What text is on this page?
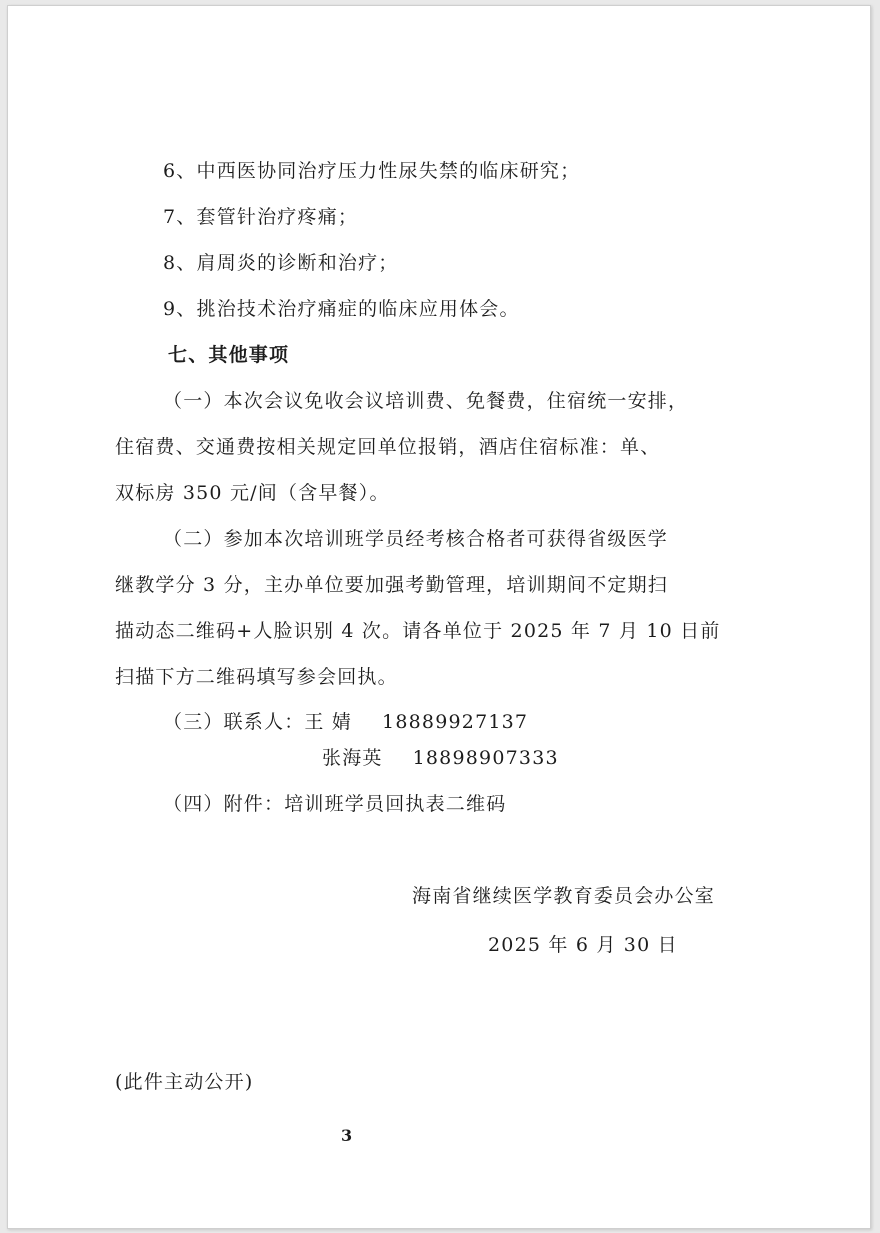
6、中西医协同治疗压力性尿失禁的临床研究；
7、套管针治疗疼痛；
8、肩周炎的诊断和治疗；
9、挑治技术治疗痛症的临床应用体会。
七、其他事项
（一）本次会议免收会议培训费、免餐费，住宿统一安排，
住宿费、交通费按相关规定回单位报销，酒店住宿标准：单、
双标房 350 元/间（含早餐）。
（二）参加本次培训班学员经考核合格者可获得省级医学
继教学分 3 分，主办单位要加强考勤管理，培训期间不定期扫
描动态二维码+人脸识别 4 次。请各单位于 2025 年 7 月 10 日前
扫描下方二维码填写参会回执。
（三）联系人：王 婧 18889927137
张海英 18898907333
（四）附件：培训班学员回执表二维码
海南省继续医学教育委员会办公室
2025 年 6 月 30 日
(此件主动公开)
3
